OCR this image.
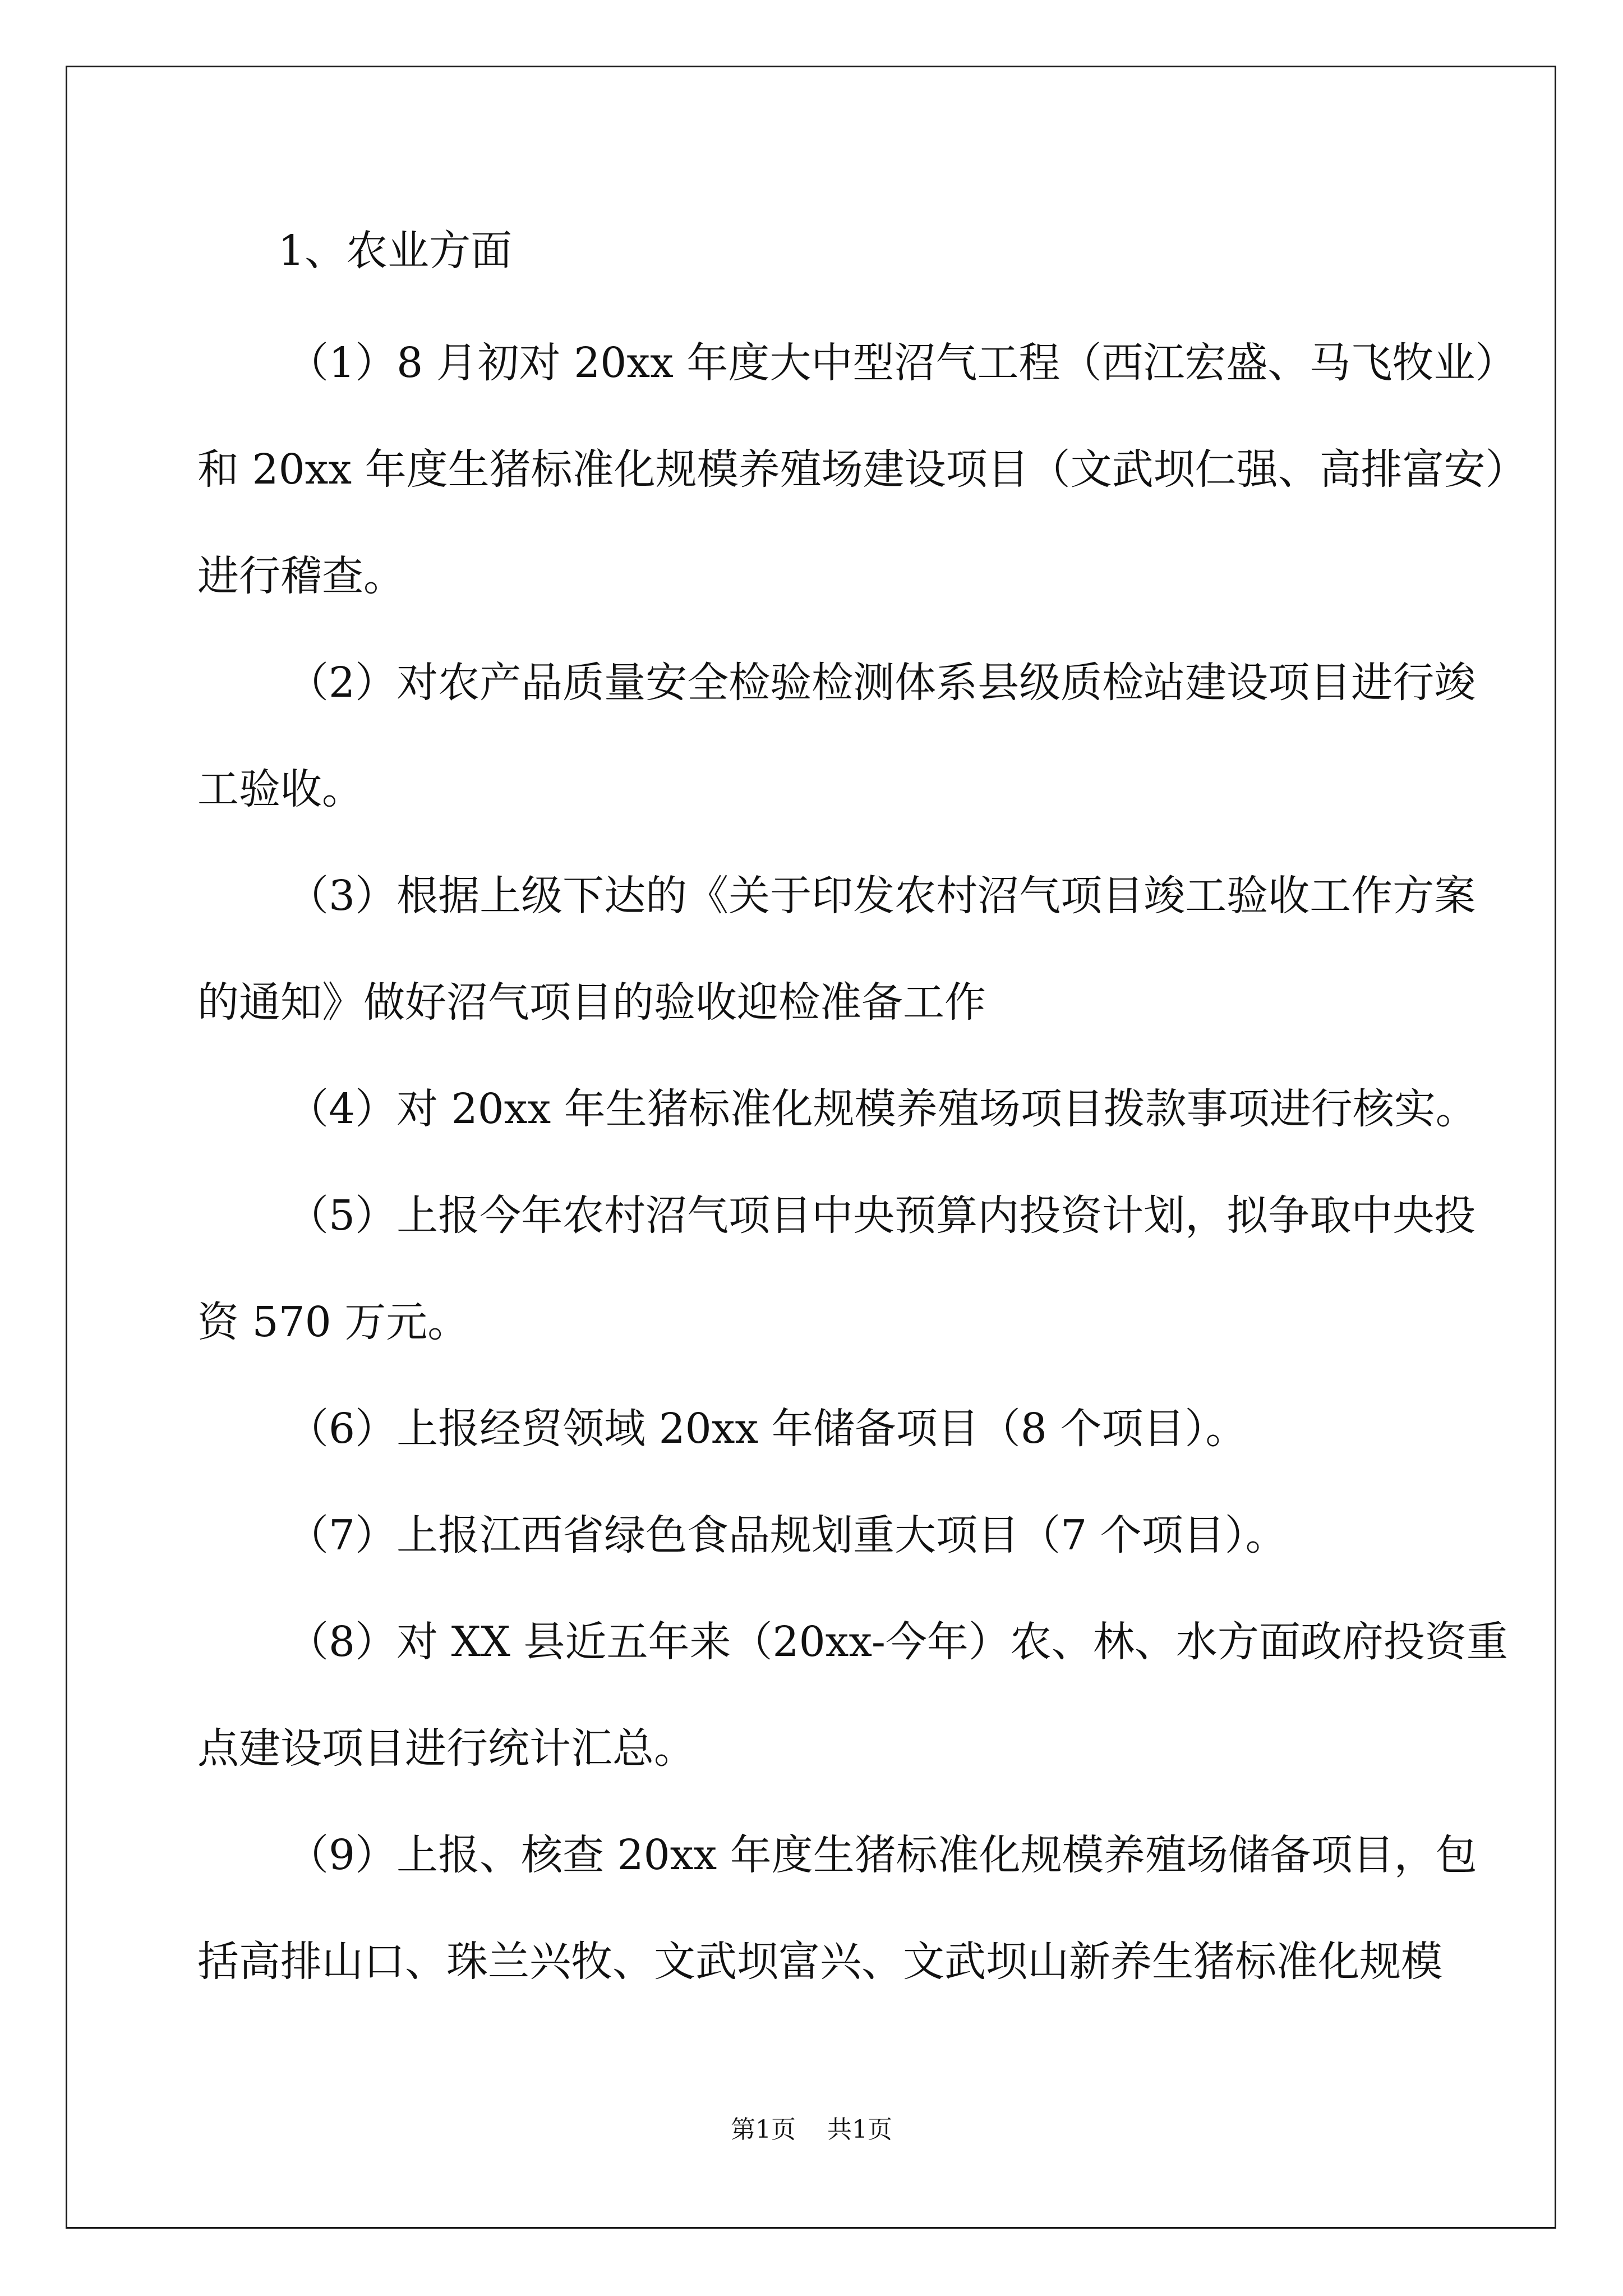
1、农业方面
（1）8 月初对 20xx 年度大中型沼气工程（西江宏盛、马飞牧业）
和 20xx 年度生猪标准化规模养殖场建设项目（文武坝仁强、高排富安）
进行稽查。
（2）对农产品质量安全检验检测体系县级质检站建设项目进行竣
工验收。
（3）根据上级下达的《关于印发农村沼气项目竣工验收工作方案
的通知》做好沼气项目的验收迎检准备工作
（4）对 20xx 年生猪标准化规模养殖场项目拨款事项进行核实。
（5）上报今年农村沼气项目中央预算内投资计划，拟争取中央投
资 570 万元。
（6）上报经贸领域 20xx 年储备项目（8 个项目）。
（7）上报江西省绿色食品规划重大项目（7 个项目）。
（8）对 XX 县近五年来（20xx-今年）农、林、水方面政府投资重
点建设项目进行统计汇总。
（9）上报、核查 20xx 年度生猪标准化规模养殖场储备项目，包
括高排山口、珠兰兴牧、文武坝富兴、文武坝山新养生猪标准化规模
第1页    共1页
